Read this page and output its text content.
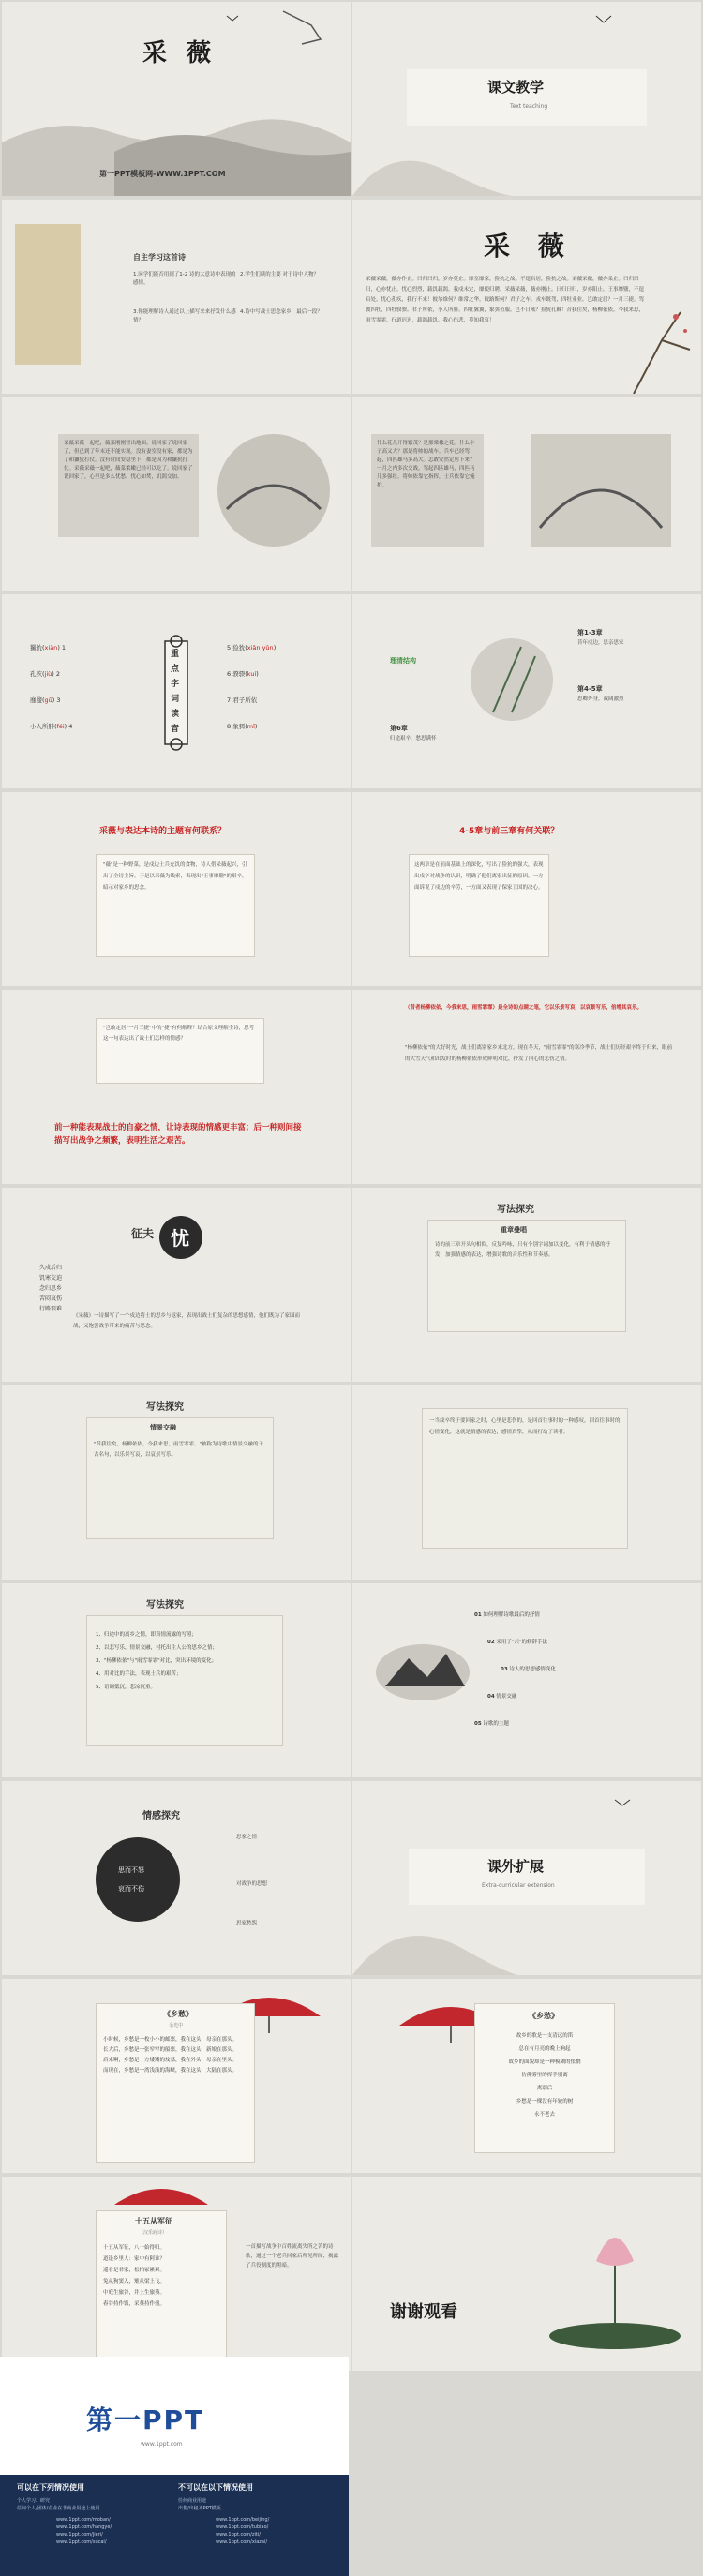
采 薇

第一PPT模板网-WWW.1PPT.COM

课文教学

Text teaching

自主学习这首诗

1.同学们能否用到了1-2 诗的大意诗中表现的感情。

2.学生们读的主要 对于诗中人物？

3.你能理解诗人通过以上描写来来抒发什么感情？

4.诗中写战士思念家乡，最后一段？

采 薇

采薇采薇，薇亦作止。曰归曰归，岁亦莫止。靡室靡家，猃狁之故。不遑启居，猃狁之故。采薇采薇，薇亦柔止。曰归曰归，心亦忧止。忧心烈烈，载饥载渴。我戍未定，靡使归聘。采薇采薇，薇亦刚止。曰归曰归，岁亦阳止。王事靡盬，不遑启处。忧心孔疚，我行不来！彼尔维何？维常之华。彼路斯何？君子之车。戎车既驾，四牡业业。岂敢定居？一月三捷。驾彼四牡，四牡骙骙。君子所依，小人所腓。四牡翼翼，象弭鱼服。岂不日戒？猃狁孔棘！昔我往矣，杨柳依依。今我来思，雨雪霏霏。行道迟迟，载渴载饥。我心伤悲，莫知我哀！

采薇采薇一起吧，薇菜刚刚冒出地面。说回家了说回家了，但已到了年末还不能实现。没有妻室没有家，都是为了和玁狁打仗。没有时间安稳坐下，都是因为和玁狁打仗。采薇采薇一起吧，薇菜柔嫩已经可以吃了。说回家了说回家了，心里是多么忧愁。忧心如焚，饥渴交加。

什么花儿开得繁茂？是那棠棣之花。什么车子高又大？那是将帅的战车。兵车已经驾起，四匹雄马多高大。怎敢安然定居下来？一月之内多次交战。驾起四匹雄马，四匹马儿多强壮。将帅依靠它指挥，士兵依靠它掩护。

重
点
字
词
读
音
玁狁(xiǎn) 1
孔疚(jiù) 2
靡盬(gǔ) 3
小人所腓(féi) 4
5 猃狁(xiǎn yǔn)
6 骙骙(kuí)
7 君子所依
8 象弭(mǐ)

理清结构

第1-3章

昔年戍边，思亲思家

第4-5章

思卿外身，战阔激烈

第6章

归途艰辛，愁思满怀

采薇与表达本诗的主题有何联系？

"薇"是一种野菜，是戍边士兵充饥的食物，诗人借采薇起兴，引出了全诗主旨。于是以采薇为线索，表现出"王事靡盬"的艰辛，暗示对家乡的思念。

4-5章与前三章有何关联？

这两章是在前面基础上的深化，写出了猃狁的强大，表现出戍卒对战争的认识，明确了他们离家出征的原因。一方面诉说了戍边的辛劳，一方面又表现了保家卫国的决心。

"岂敢定居"一月三捷"中的"捷"有何解释？结合原文理解全诗，思考这一句表达出了战士们怎样的情感？

前一种能表现战士的自豪之情，让诗表现的情感更丰富；后一种则间接描写出战争之频繁，表明生活之艰苦。

（昔者杨柳依依，今我来思，雨雪霏霏）是全诗的点睛之笔，它以乐景写哀，以哀景写乐，倍增其哀乐。

"杨柳依依"的大好时光，战士们离别家乡来北方，现在冬天，"雨雪霏霏"的寒冷季节，战士们历经艰辛终于归来，眼前的大雪天气和出发时的杨柳依依形成鲜明对比，抒发了内心的悲伤之情。

征夫 忧

久戍后归
饥寒交迫
念归思乡
苦闷哀伤
行路艰难

《采薇》一诗描写了一个戍边将士的思乡与返家，表现出战士们复杂的思想感情，他们既为了家园而战，又饱尝战争带来的痛苦与思念。

写法探究

重章叠唱

诗的前三章开头句相似，反复吟咏，只有个别字词加以变化，有利于情感的抒发，加强情感的表达，增强诗歌的音乐性和节奏感。

写法探究

情景交融

"昔我往矣，杨柳依依。今我来思，雨雪霏霏。"被称为诗歌中情景交融的千古名句，以乐景写哀，以哀景写乐。

一当戍卒终于要回家之时，心里是悲伤的，是回首往事时的一种感叹，回首往事时的心情变化，这就是情感的表达，感情真挚，从而打动了读者。

写法探究

1、归途中的离乡之情，即真情流露的写照；
2、以悲写乐，情景交融，衬托出主人公的思乡之情；
3、"杨柳依依"与"雨雪霏霏"对比，突出环境的变化；
4、用对比的手法，表现士兵的艰苦；
5、语调低沉，悲凉沉重。
01 如何理解诗歌最后的抒情
02 采用了"兴"的修辞手法
03 诗人的思想感情变化
04 情景交融
05 诗歌的主题

情感探究

思而不怒

哀而不伤

思家之情

对战争的思想

思家愁怨

课外扩展

Extra-curricular extension

《乡愁》

余光中

小时候，乡愁是一枚小小的邮票，我在这头，母亲在那头。
长大后，乡愁是一张窄窄的船票，我在这头，新娘在那头。
后来啊，乡愁是一方矮矮的坟墓，我在外头，母亲在里头。
而现在，乡愁是一湾浅浅的海峡，我在这头，大陆在那头。

《乡愁》

故乡的歌是一支清远的笛
总在有月亮的晚上响起
故乡的面貌却是一种模糊的怅惘
仿佛雾里的挥手别离
离别后
乡愁是一棵没有年轮的树
永不老去

十五从军征

（汉乐府诗）

十五从军征，八十始得归。
道逢乡里人：家中有阿谁？
遥看是君家，松柏冢累累。
兔从狗窦入，雉从梁上飞。
中庭生旅谷，井上生旅葵。
舂谷持作饭，采葵持作羹。

一首描写战争中百姓流离失所之苦的诗歌，通过一个老兵回家后所见所闻，揭露了兵役制度的黑暗。

谢谢观看

第一PPT

www.1ppt.com

可以在下列情况使用	不可以在以下情况使用

个人学习、研究
任何个人/团体/企业在非商业用途上使用
任何商业用途
出售/出租本PPT模板
www.1ppt.com/moban/
www.1ppt.com/hangye/
www.1ppt.com/jieri/
www.1ppt.com/sucai/
www.1ppt.com/beijing/
www.1ppt.com/tubiao/
www.1ppt.com/ziti/
www.1ppt.com/xiazai/
